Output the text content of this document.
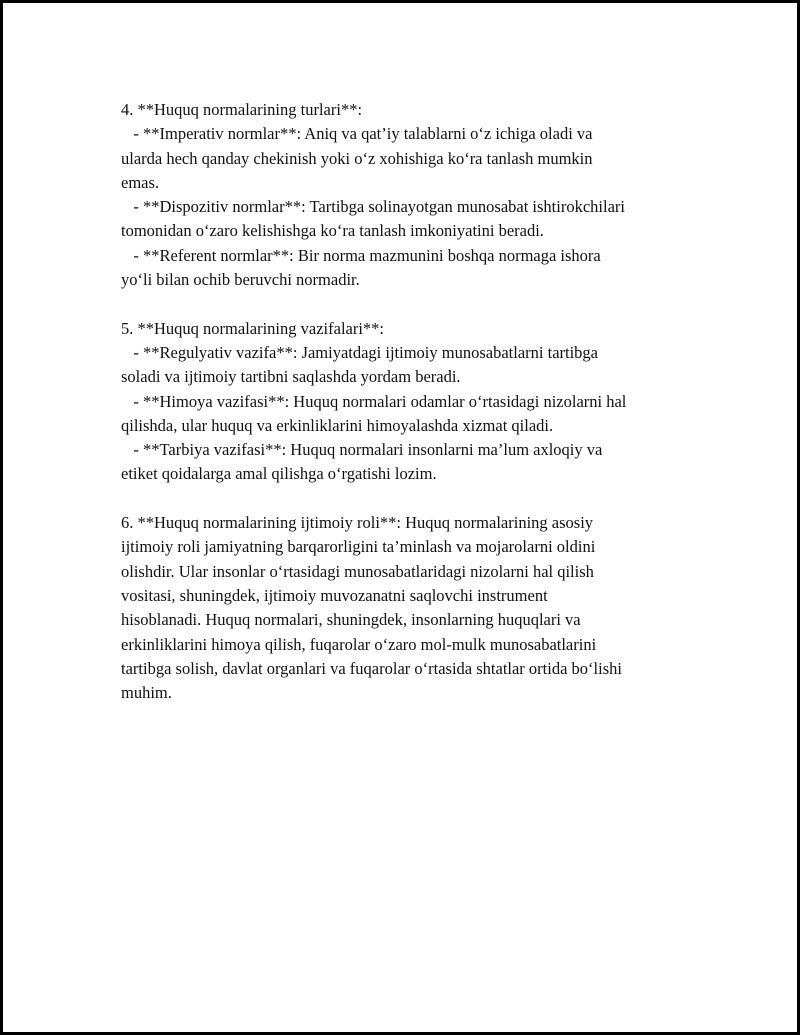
4. **Huquq normalarining turlari**:
- **Imperativ normlar**: Aniq va qat’iy talablarni o‘z ichiga oladi va
ularda hech qanday chekinish yoki o‘z xohishiga ko‘ra tanlash mumkin
emas.
- **Dispozitiv normlar**: Tartibga solinayotgan munosabat ishtirokchilari
tomonidan o‘zaro kelishishga ko‘ra tanlash imkoniyatini beradi.
- **Referent normlar**: Bir norma mazmunini boshqa normaga ishora
yo‘li bilan ochib beruvchi normadir.
5. **Huquq normalarining vazifalari**:
- **Regulyativ vazifa**: Jamiyatdagi ijtimoiy munosabatlarni tartibga
soladi va ijtimoiy tartibni saqlashda yordam beradi.
- **Himoya vazifasi**: Huquq normalari odamlar o‘rtasidagi nizolarni hal
qilishda, ular huquq va erkinliklarini himoyalashda xizmat qiladi.
- **Tarbiya vazifasi**: Huquq normalari insonlarni ma’lum axloqiy va
etiket qoidalarga amal qilishga o‘rgatishi lozim.
6. **Huquq normalarining ijtimoiy roli**: Huquq normalarining asosiy
ijtimoiy roli jamiyatning barqarorligini ta’minlash va mojarolarni oldini
olishdir. Ular insonlar o‘rtasidagi munosabatlaridagi nizolarni hal qilish
vositasi, shuningdek, ijtimoiy muvozanatni saqlovchi instrument
hisoblanadi. Huquq normalari, shuningdek, insonlarning huquqlari va
erkinliklarini himoya qilish, fuqarolar o‘zaro mol-mulk munosabatlarini
tartibga solish, davlat organlari va fuqarolar o‘rtasida shtatlar ortida bo‘lishi
muhim.
